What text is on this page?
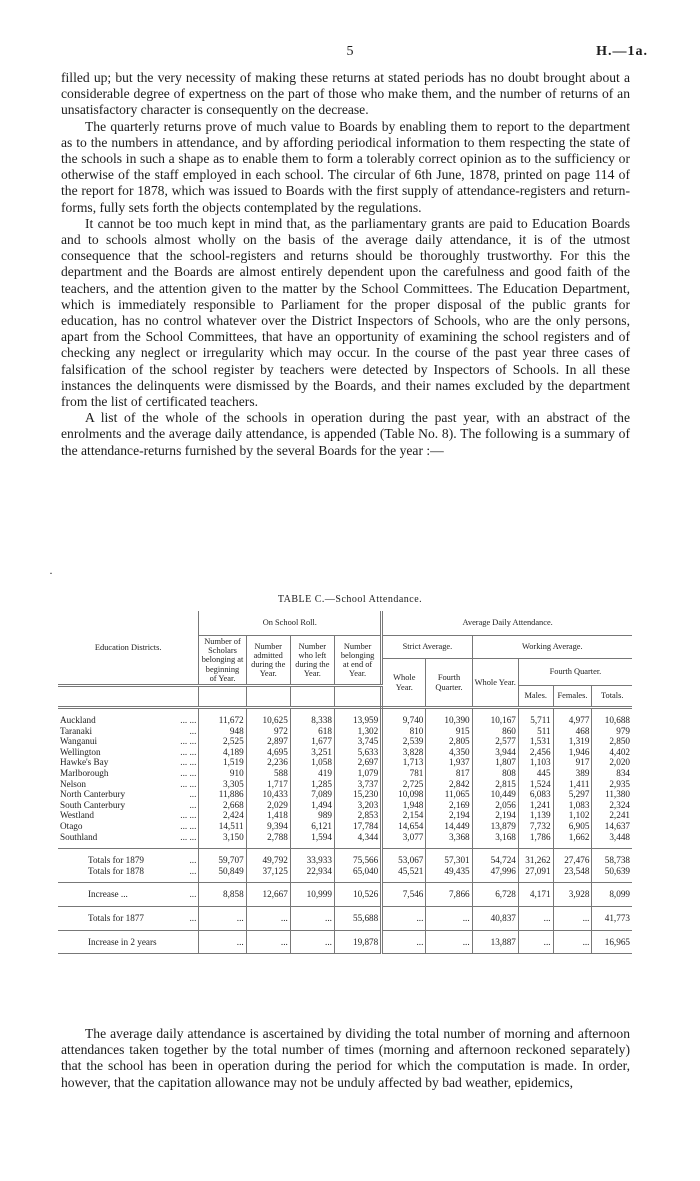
5	H.—1a.

filled up; but the very necessity of making these returns at stated periods has no doubt brought about a considerable degree of expertness on the part of those who make them, and the number of returns of an unsatisfactory character is consequently on the decrease.

The quarterly returns prove of much value to Boards by enabling them to report to the department as to the numbers in attendance, and by affording periodical information to them respecting the state of the schools in such a shape as to enable them to form a tolerably correct opinion as to the sufficiency or otherwise of the staff employed in each school. The circular of 6th June, 1878, printed on page 114 of the report for 1878, which was issued to Boards with the first supply of attendance-registers and return-forms, fully sets forth the objects contemplated by the regulations.

It cannot be too much kept in mind that, as the parliamentary grants are paid to Education Boards and to schools almost wholly on the basis of the average daily attendance, it is of the utmost consequence that the school-registers and returns should be thoroughly trustworthy. For this the department and the Boards are almost entirely dependent upon the carefulness and good faith of the teachers, and the attention given to the matter by the School Committees. The Education Department, which is immediately responsible to Parliament for the proper disposal of the public grants for education, has no control whatever over the District Inspectors of Schools, who are the only persons, apart from the School Committees, that have an opportunity of examining the school registers and of checking any neglect or irregularity which may occur. In the course of the past year three cases of falsification of the school register by teachers were detected by Inspectors of Schools. In all these instances the delinquents were dismissed by the Boards, and their names excluded by the department from the list of certificated teachers.

A list of the whole of the schools in operation during the past year, with an abstract of the enrolments and the average daily attendance, is appended (Table No. 8). The following is a summary of the attendance-returns furnished by the several Boards for the year :—

·
TABLE C.—School Attendance.
Education Districts.	On School Roll.				Average Daily Attendance.					
	Number of Scholars belonging at beginning of Year.	Number admitted during the Year.	Number who left during the Year.	Number belonging at end of Year.	Strict Average.		Working Average.			
					Whole Year.	Fourth Quarter.	Whole Year.	Fourth Quarter.		
								Males.	Females.	Totals.

Auckland ... ...	11,672	10,625	8,338	13,959	9,740	10,390	10,167	5,711	4,977	10,688
Taranaki ...	948	972	618	1,302	810	915	860	511	468	979
Wanganui ... ...	2,525	2,897	1,677	3,745	2,539	2,805	2,577	1,531	1,319	2,850
Wellington ... ...	4,189	4,695	3,251	5,633	3,828	4,350	3,944	2,456	1,946	4,402
Hawke's Bay ... ...	1,519	2,236	1,058	2,697	1,713	1,937	1,807	1,103	917	2,020
Marlborough ... ...	910	588	419	1,079	781	817	808	445	389	834
Nelson ... ...	3,305	1,717	1,285	3,737	2,725	2,842	2,815	1,524	1,411	2,935
North Canterbury ...	11,886	10,433	7,089	15,230	10,098	11,065	10,449	6,083	5,297	11,380
South Canterbury ...	2,668	2,029	1,494	3,203	1,948	2,169	2,056	1,241	1,083	2,324
Westland ... ...	2,424	1,418	989	2,853	2,154	2,194	2,194	1,139	1,102	2,241
Otago ... ...	14,511	9,394	6,121	17,784	14,654	14,449	13,879	7,732	6,905	14,637
Southland ... ...	3,150	2,788	1,594	4,344	3,077	3,368	3,168	1,786	1,662	3,448

Totals for 1879 ...	59,707	49,792	33,933	75,566	53,067	57,301	54,724	31,262	27,476	58,738
Totals for 1878 ...	50,849	37,125	22,934	65,040	45,521	49,435	47,996	27,091	23,548	50,639

Increase ... ...	8,858	12,667	10,999	10,526	7,546	7,866	6,728	4,171	3,928	8,099

Totals for 1877 ...	...	...	...	55,688	...	...	40,837	...	...	41,773

Increase in 2 years	...	...	...	19,878	...	...	13,887	...	...	16,965

The average daily attendance is ascertained by dividing the total number of morning and afternoon attendances taken together by the total number of times (morning and afternoon reckoned separately) that the school has been in operation during the period for which the computation is made. In order, however, that the capitation allowance may not be unduly affected by bad weather, epidemics,
